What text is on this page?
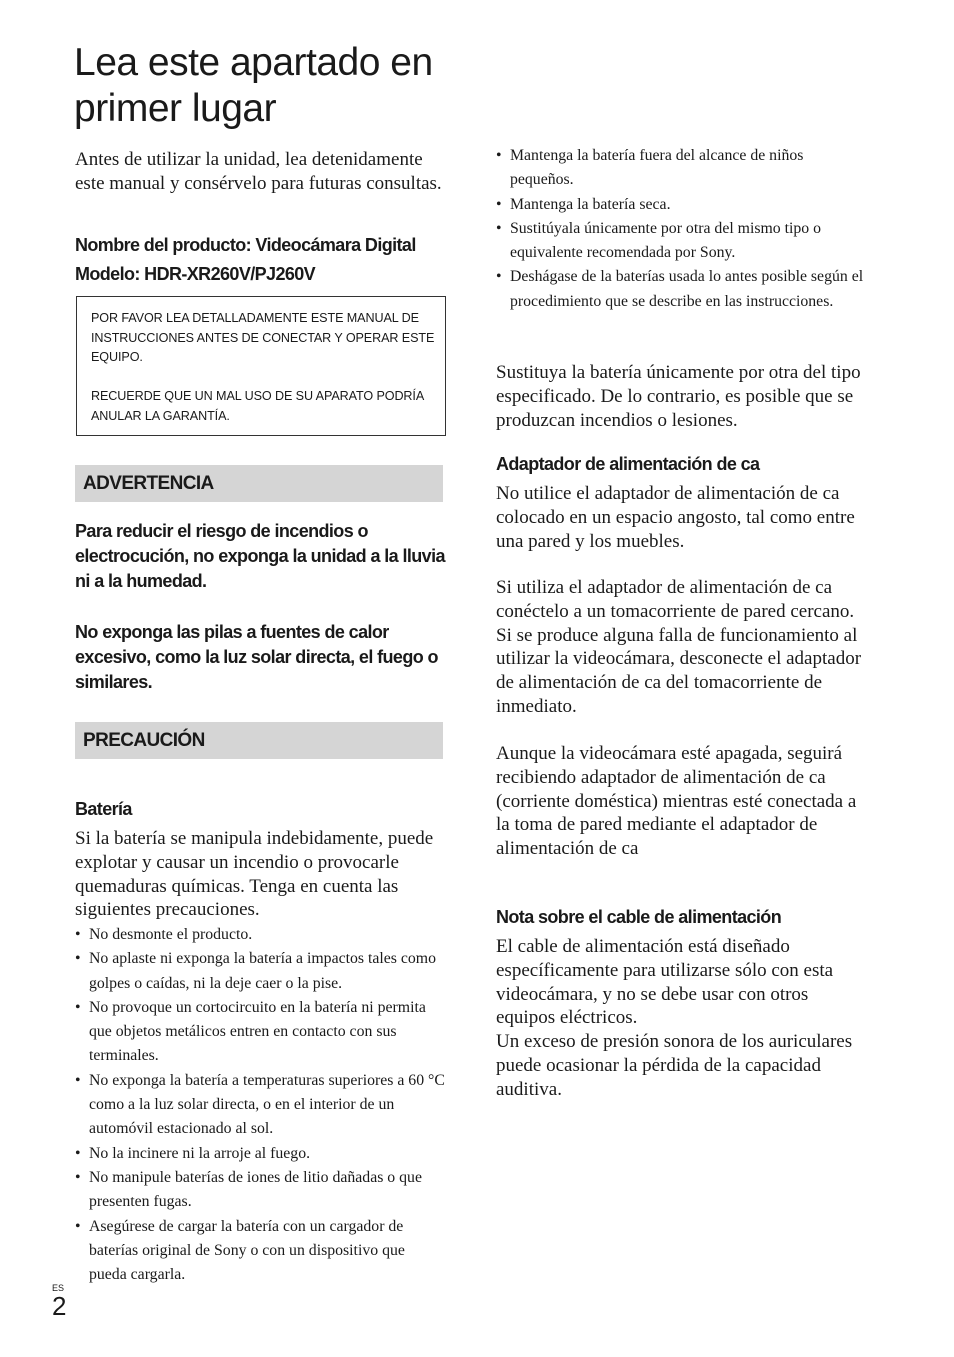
Lea este apartado en primer lugar

Antes de utilizar la unidad, lea detenidamente este manual y consérvelo para futuras consultas.

Nombre del producto: Videocámara Digital

Modelo: HDR-XR260V/PJ260V

POR FAVOR LEA DETALLADAMENTE ESTE MANUAL DE INSTRUCCIONES ANTES DE CONECTAR Y OPERAR ESTE EQUIPO.

RECUERDE QUE UN MAL USO DE SU APARATO PODRÍA ANULAR LA GARANTÍA.

ADVERTENCIA

Para reducir el riesgo de incendios o electrocución, no exponga la unidad a la lluvia ni a la humedad.

No exponga las pilas a fuentes de calor excesivo, como la luz solar directa, el fuego o similares.

PRECAUCIÓN

Batería

Si la batería se manipula indebidamente, puede explotar y causar un incendio o provocarle quemaduras químicas. Tenga en cuenta las siguientes precauciones.

• No desmonte el producto.
• No aplaste ni exponga la batería a impactos tales como golpes o caídas, ni la deje caer o la pise.
• No provoque un cortocircuito en la batería ni permita que objetos metálicos entren en contacto con sus terminales.
• No exponga la batería a temperaturas superiores a 60 °C como a la luz solar directa, o en el interior de un automóvil estacionado al sol.
• No la incinere ni la arroje al fuego.
• No manipule baterías de iones de litio dañadas o que presenten fugas.
• Asegúrese de cargar la batería con un cargador de baterías original de Sony o con un dispositivo que pueda cargarla.
• Mantenga la batería fuera del alcance de niños pequeños.
• Mantenga la batería seca.
• Sustitúyala únicamente por otra del mismo tipo o equivalente recomendada por Sony.
• Deshágase de la baterías usada lo antes posible según el procedimiento que se describe en las instrucciones.

Sustituya la batería únicamente por otra del tipo especificado. De lo contrario, es posible que se produzcan incendios o lesiones.

Adaptador de alimentación de ca

No utilice el adaptador de alimentación de ca colocado en un espacio angosto, tal como entre una pared y los muebles.

Si utiliza el adaptador de alimentación de ca conéctelo a un tomacorriente de pared cercano. Si se produce alguna falla de funcionamiento al utilizar la videocámara, desconecte el adaptador de alimentación de ca del tomacorriente de inmediato.

Aunque la videocámara esté apagada, seguirá recibiendo adaptador de alimentación de ca (corriente doméstica) mientras esté conectada a la toma de pared mediante el adaptador de alimentación de ca

Nota sobre el cable de alimentación

El cable de alimentación está diseñado específicamente para utilizarse sólo con esta videocámara, y no se debe usar con otros equipos eléctricos.

Un exceso de presión sonora de los auriculares puede ocasionar la pérdida de la capacidad auditiva.

ES
2
